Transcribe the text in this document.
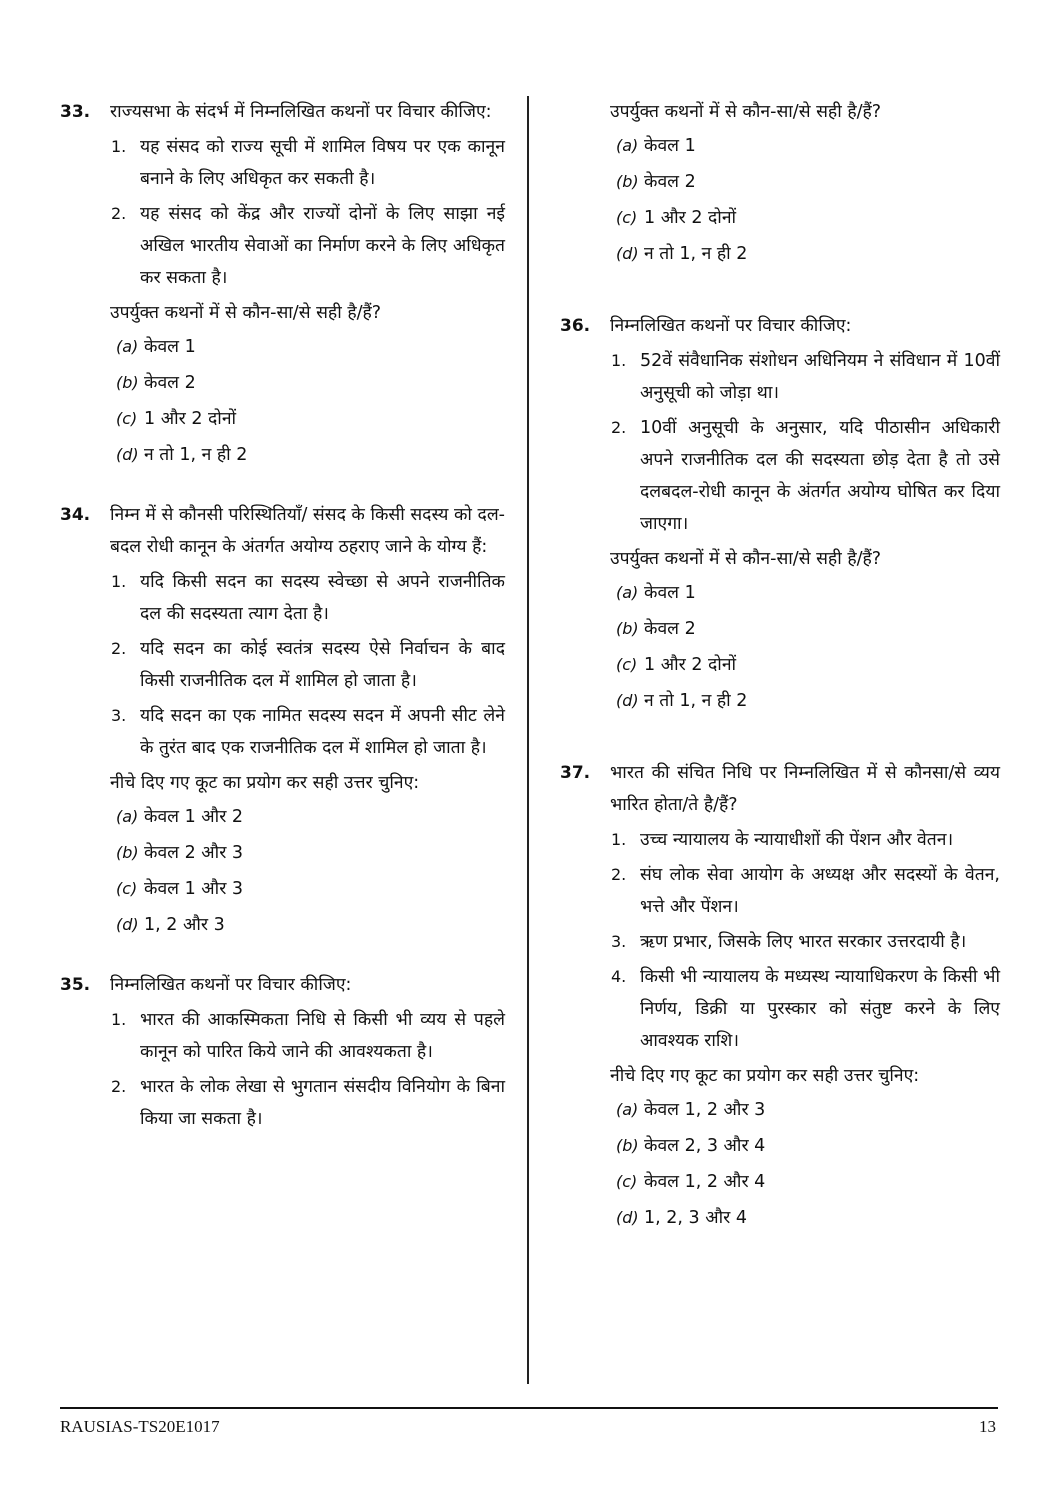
33. राज्यसभा के संदर्भ में निम्नलिखित कथनों पर विचार कीजिए:
1. यह संसद को राज्य सूची में शामिल विषय पर एक कानून बनाने के लिए अधिकृत कर सकती है।
2. यह संसद को केंद्र और राज्यों दोनों के लिए साझा नई अखिल भारतीय सेवाओं का निर्माण करने के लिए अधिकृत कर सकता है।
उपर्युक्त कथनों में से कौन-सा/से सही है/हैं?
(a) केवल 1
(b) केवल 2
(c) 1 और 2 दोनों
(d) न तो 1, न ही 2
34. निम्न में से कौनसी परिस्थितियाँ/ संसद के किसी सदस्य को दल-बदल रोधी कानून के अंतर्गत अयोग्य ठहराए जाने के योग्य हैं:
1. यदि किसी सदन का सदस्य स्वेच्छा से अपने राजनीतिक दल की सदस्यता त्याग देता है।
2. यदि सदन का कोई स्वतंत्र सदस्य ऐसे निर्वाचन के बाद किसी राजनीतिक दल में शामिल हो जाता है।
3. यदि सदन का एक नामित सदस्य सदन में अपनी सीट लेने के तुरंत बाद एक राजनीतिक दल में शामिल हो जाता है।
नीचे दिए गए कूट का प्रयोग कर सही उत्तर चुनिए:
(a) केवल 1 और 2
(b) केवल 2 और 3
(c) केवल 1 और 3
(d) 1, 2 और 3
35. निम्नलिखित कथनों पर विचार कीजिए:
1. भारत की आकस्मिकता निधि से किसी भी व्यय से पहले कानून को पारित किये जाने की आवश्यकता है।
2. भारत के लोक लेखा से भुगतान संसदीय विनियोग के बिना किया जा सकता है।
उपर्युक्त कथनों में से कौन-सा/से सही है/हैं?
(a) केवल 1
(b) केवल 2
(c) 1 और 2 दोनों
(d) न तो 1, न ही 2
36. निम्नलिखित कथनों पर विचार कीजिए:
1. 52वें संवैधानिक संशोधन अधिनियम ने संविधान में 10वीं अनुसूची को जोड़ा था।
2. 10वीं अनुसूची के अनुसार, यदि पीठासीन अधिकारी अपने राजनीतिक दल की सदस्यता छोड़ देता है तो उसे दलबदल-रोधी कानून के अंतर्गत अयोग्य घोषित कर दिया जाएगा।
उपर्युक्त कथनों में से कौन-सा/से सही है/हैं?
(a) केवल 1
(b) केवल 2
(c) 1 और 2 दोनों
(d) न तो 1, न ही 2
37. भारत की संचित निधि पर निम्नलिखित में से कौनसा/से व्यय भारित होता/ते है/हैं?
1. उच्च न्यायालय के न्यायाधीशों की पेंशन और वेतन।
2. संघ लोक सेवा आयोग के अध्यक्ष और सदस्यों के वेतन, भत्ते और पेंशन।
3. ऋण प्रभार, जिसके लिए भारत सरकार उत्तरदायी है।
4. किसी भी न्यायालय के मध्यस्थ न्यायाधिकरण के किसी भी निर्णय, डिक्री या पुरस्कार को संतुष्ट करने के लिए आवश्यक राशि।
नीचे दिए गए कूट का प्रयोग कर सही उत्तर चुनिए:
(a) केवल 1, 2 और 3
(b) केवल 2, 3 और 4
(c) केवल 1, 2 और 4
(d) 1, 2, 3 और 4
RAUSIAS-TS20E1017	13
